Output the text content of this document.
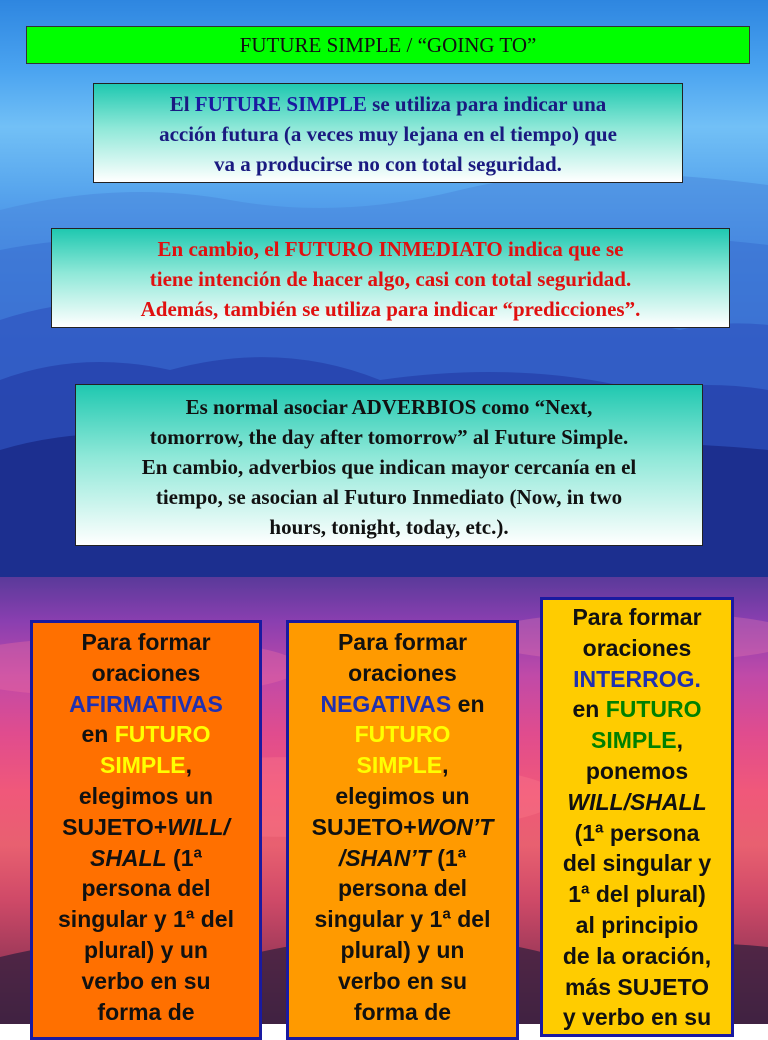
FUTURE SIMPLE / “GOING TO”
El FUTURE SIMPLE se utiliza para indicar una
acción futura (a veces muy lejana en el tiempo) que
va a producirse no con total seguridad.
En cambio, el FUTURO INMEDIATO indica que se
tiene intención de hacer algo, casi con total seguridad.
Además, también se utiliza para indicar “predicciones”.
Es normal asociar ADVERBIOS como “Next,
tomorrow, the day after tomorrow” al Future Simple.
En cambio, adverbios que indican mayor cercanía en el
tiempo, se asocian al Futuro Inmediato (Now, in two
hours, tonight, today, etc.).
Para formar
oraciones
AFIRMATIVAS
en FUTURO
SIMPLE,
elegimos un
SUJETO+WILL/
SHALL (1ª
persona del
singular y 1ª del
plural) y un
verbo en su
forma de
Para formar
oraciones
NEGATIVAS en
FUTURO
SIMPLE,
elegimos un
SUJETO+WON’T
/SHAN’T (1ª
persona del
singular y 1ª del
plural) y un
verbo en su
forma de
Para formar
oraciones
INTERROG.
en FUTURO
SIMPLE,
ponemos
WILL/SHALL
(1ª persona
del singular y
1ª del plural)
al principio
de la oración,
más SUJETO
y verbo en su
